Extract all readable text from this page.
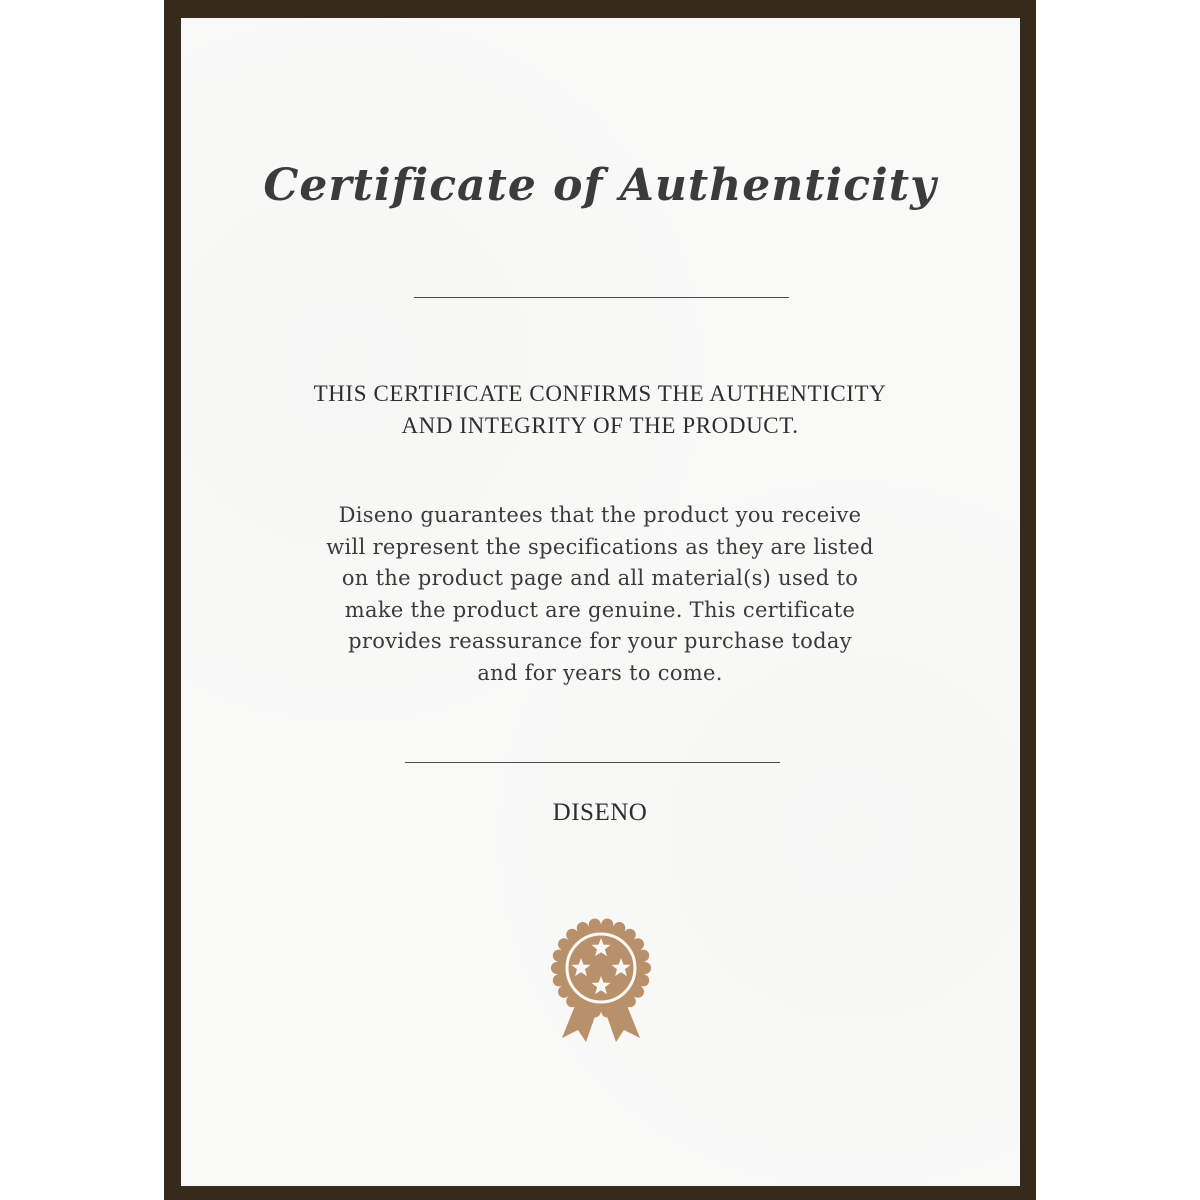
Certificate of Authenticity

THIS CERTIFICATE CONFIRMS THE AUTHENTICITY
AND INTEGRITY OF THE PRODUCT.

Diseno guarantees that the product you receive
will represent the specifications as they are listed
on the product page and all material(s) used to
make the product are genuine. This certificate
provides reassurance for your purchase today
and for years to come.

DISENO
